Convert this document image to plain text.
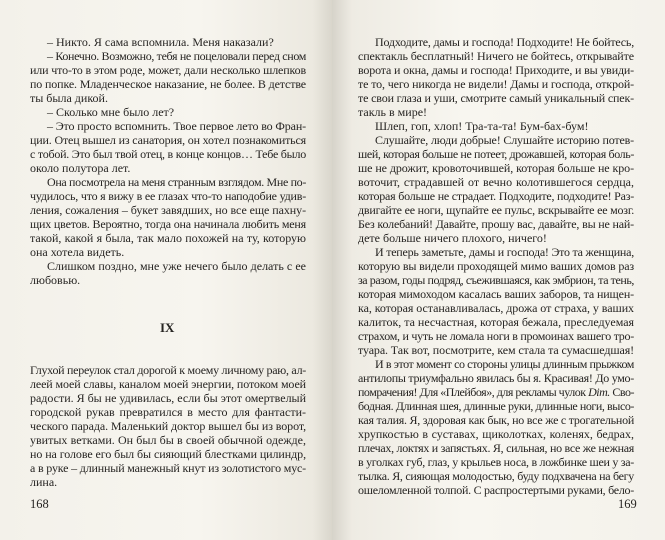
IX
168
– Никто. Я сама вспомнила. Меня наказали?
– Конечно. Возможно, тебя не поцеловали перед сном
или что-то в этом роде, может, дали несколько шлепков
по попке. Младенческое наказание, не более. В детстве
ты была дикой.
– Сколько мне было лет?
– Это просто вспомнить. Твое первое лето во Фран-
ции. Отец вышел из санатория, он хотел познакомиться
с тобой. Это был твой отец, в конце концов… Тебе было
около полутора лет.
Она посмотрела на меня странным взглядом. Мне по-
чудилось, что я вижу в ее глазах что-то наподобие удив-
ления, сожаления – букет завядших, но все еще пахну-
щих цветов. Вероятно, тогда она начинала любить меня
такой, какой я была, так мало похожей на ту, которую
она хотела видеть.
Слишком поздно, мне уже нечего было делать с ее
любовью.
Глухой переулок стал дорогой к моему личному раю, ал-
леей моей славы, каналом моей энергии, потоком моей
радости. Я бы не удивилась, если бы этот омертвелый
городской рукав превратился в место для фантасти-
ческого парада. Маленький доктор вышел бы из ворот,
увитых ветками. Он был бы в своей обычной одежде,
но на голове его был бы сияющий блестками цилиндр,
а в руке – длинный манежный кнут из золотистого мус-
лина.
169
Подходите, дамы и господа! Подходите! Не бойтесь,
спектакль бесплатный! Ничего не бойтесь, открывайте
ворота и окна, дамы и господа! Приходите, и вы увиди-
те то, чего никогда не видели! Дамы и господа, открой-
те свои глаза и уши, смотрите самый уникальный спек-
такль в мире!
Шлеп, гоп, хлоп! Тра-та-та! Бум-бах-бум!
Слушайте, люди добрые! Слушайте историю потев-
шей, которая больше не потеет, дрожавшей, которая боль-
ше не дрожит, кровоточившей, которая больше не кро-
воточит, страдавшей от вечно колотившегося сердца,
которая больше не страдает. Подходите, подходите! Раз-
двигайте ее ноги, щупайте ее пульс, вскрывайте ее мозг.
Без колебаний! Давайте, прошу вас, давайте, вы не най-
дете больше ничего плохого, ничего!
И теперь заметьте, дамы и господа! Это та женщина,
которую вы видели проходящей мимо ваших домов раз
за разом, годы подряд, съежившаяся, как эмбрион, та тень,
которая мимоходом касалась ваших заборов, та нищен-
ка, которая останавливалась, дрожа от страха, у ваших
калиток, та несчастная, которая бежала, преследуемая
страхом, и чуть не ломала ноги в промоинах вашего тро-
туара. Так вот, посмотрите, кем стала та сумасшедшая!
И в этот момент со стороны улицы длинным прыжком
антилопы триумфально явилась бы я. Красивая! До умо-
помрачения! Для «Плейбоя», для рекламы чулок Dim. Сво-
бодная. Длинная шея, длинные руки, длинные ноги, высо-
кая талия. Я, здоровая как бык, но все же с трогательной
хрупкостью в суставах, щиколотках, коленях, бедрах,
плечах, локтях и запястьях. Я, сильная, но все же нежная
в уголках губ, глаз, у крыльев носа, в ложбинке шеи у за-
тылка. Я, сияющая молодостью, буду подхвачена на бегу
ошеломленной толпой. С распростертыми руками, бело-
